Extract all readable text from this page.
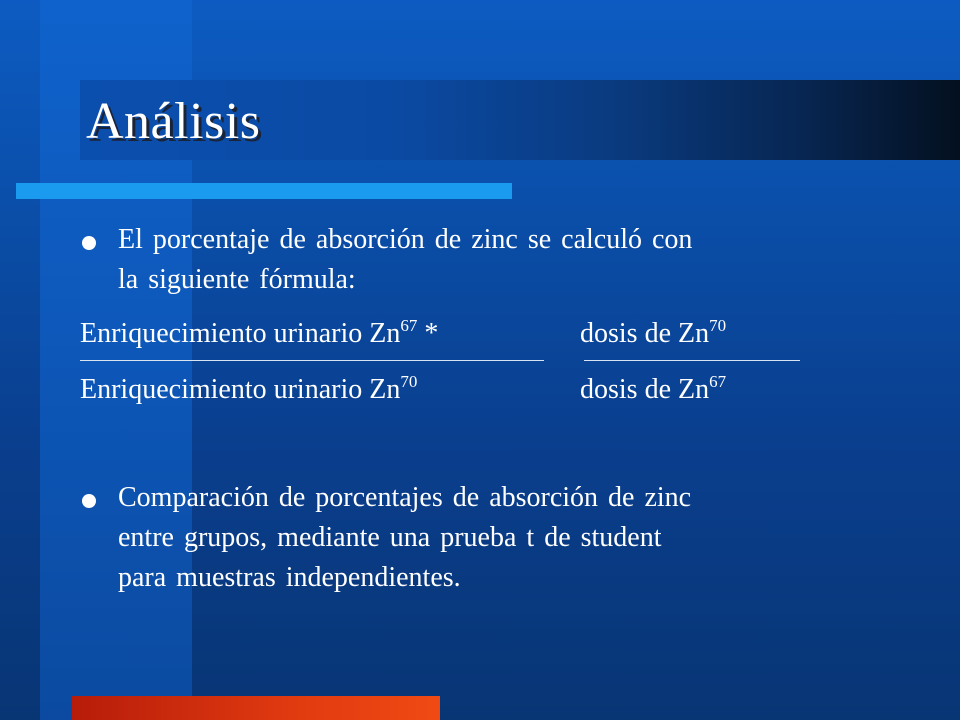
Análisis
El porcentaje de absorción de zinc se calculó con
la siguiente fórmula:
Enriquecimiento urinario Zn$^{67}$ *	dosis de Zn$^{70}$
Enriquecimiento urinario Zn$^{70}$	dosis de Zn$^{67}$
Comparación de porcentajes de absorción de zinc
entre grupos, mediante una prueba t de student
para muestras independientes.
